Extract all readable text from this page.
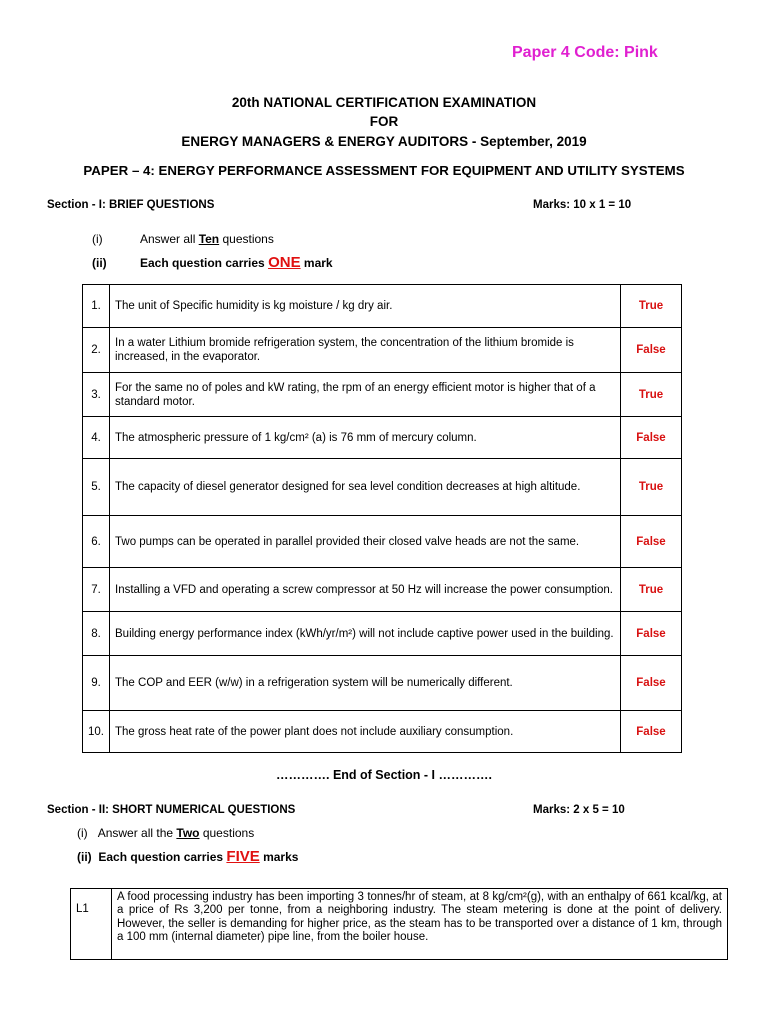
Paper 4 Code: Pink
20th NATIONAL CERTIFICATION EXAMINATION
FOR
ENERGY MANAGERS & ENERGY AUDITORS - September, 2019
PAPER – 4: ENERGY PERFORMANCE ASSESSMENT FOR EQUIPMENT AND UTILITY SYSTEMS
Section - I: BRIEF QUESTIONS	Marks: 10 x 1 = 10
(i)	Answer all Ten questions
(ii)	Each question carries ONE mark
1.	The unit of Specific humidity is kg moisture / kg dry air.	True
2.	In a water Lithium bromide refrigeration system, the concentration of the lithium bromide is increased, in the evaporator.	False
3.	For the same no of poles and kW rating, the rpm of an energy efficient motor is higher that of a standard motor.	True
4.	The atmospheric pressure of 1 kg/cm² (a) is 76 mm of mercury column.	False
5.	The capacity of diesel generator designed for sea level condition decreases at high altitude.	True
6.	Two pumps can be operated in parallel provided their closed valve heads are not the same.	False
7.	Installing a VFD and operating a screw compressor at 50 Hz will increase the power consumption.	True
8.	Building energy performance index (kWh/yr/m²) will not include captive power used in the building.	False
9.	The COP and EER (w/w) in a refrigeration system will be numerically different.	False
10.	The gross heat rate of the power plant does not include auxiliary consumption.	False
…………. End of Section - I ………….
Section - II: SHORT NUMERICAL QUESTIONS	Marks: 2 x 5 = 10
(i) Answer all the Two questions
(ii) Each question carries FIVE marks
L1	A food processing industry has been importing 3 tonnes/hr of steam, at 8 kg/cm²(g), with an enthalpy of 661 kcal/kg, at a price of Rs 3,200 per tonne, from a neighboring industry. The steam metering is done at the point of delivery. However, the seller is demanding for higher price, as the steam has to be transported over a distance of 1 km, through a 100 mm (internal diameter) pipe line, from the boiler house.
